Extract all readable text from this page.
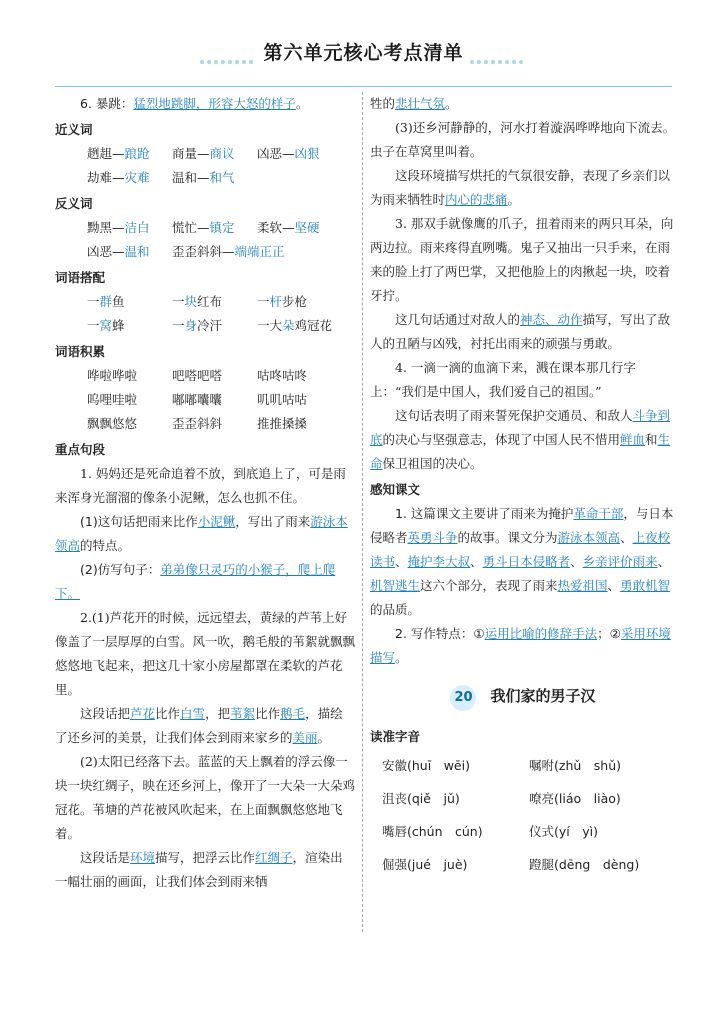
第六单元核心考点清单

6. 暴跳：猛烈地跳脚，形容大怒的样子。

近义词
趔趄—踉跄	商量—商议	凶恶—凶狠
劫难—灾难	温和—和气
反义词
黝黑—洁白	慌忙—镇定	柔软—坚硬
凶恶—温和	歪歪斜斜—端端正正
词语搭配
一群鱼	一块红布	一杆步枪
一窝蜂	一身冷汗	一大朵鸡冠花
词语积累
哗啦哗啦	吧嗒吧嗒	咕咚咕咚
呜哩哇啦	嘟嘟囔囔	叽叽咕咕
飘飘悠悠	歪歪斜斜	推推搡搡
重点句段

1. 妈妈还是死命追着不放，到底追上了，可是雨来浑身光溜溜的像条小泥鳅，怎么也抓不住。

(1)这句话把雨来比作小泥鳅，写出了雨来游泳本领高的特点。

(2)仿写句子：弟弟像只灵巧的小猴子，爬上爬下。

2.(1)芦花开的时候，远远望去，黄绿的芦苇上好像盖了一层厚厚的白雪。风一吹，鹅毛般的苇絮就飘飘悠悠地飞起来，把这几十家小房屋都罩在柔软的芦花里。

这段话把芦花比作白雪，把苇絮比作鹅毛，描绘了还乡河的美景，让我们体会到雨来家乡的美丽。

(2)太阳已经落下去。蓝蓝的天上飘着的浮云像一块一块红绸子，映在还乡河上，像开了一大朵一大朵鸡冠花。苇塘的芦花被风吹起来，在上面飘飘悠悠地飞着。

这段话是环境描写，把浮云比作红绸子，渲染出一幅壮丽的画面，让我们体会到雨来牺

牲的悲壮气氛。

(3)还乡河静静的，河水打着漩涡哗哗地向下流去。虫子在草窝里叫着。

这段环境描写烘托的气氛很安静，表现了乡亲们以为雨来牺牲时内心的悲痛。

3. 那双手就像鹰的爪子，扭着雨来的两只耳朵，向两边拉。雨来疼得直咧嘴。鬼子又抽出一只手来，在雨来的脸上打了两巴掌，又把他脸上的肉揪起一块，咬着牙拧。

这几句话通过对敌人的神态、动作描写，写出了敌人的丑陋与凶残，衬托出雨来的顽强与勇敢。

4. 一滴一滴的血滴下来，溅在课本那几行字上：“我们是中国人，我们爱自己的祖国。”

这句话表明了雨来誓死保护交通员、和敌人斗争到底的决心与坚强意志，体现了中国人民不惜用鲜血和生命保卫祖国的决心。

感知课文

1. 这篇课文主要讲了雨来为掩护革命干部，与日本侵略者英勇斗争的故事。课文分为游泳本领高、上夜校读书、掩护李大叔、勇斗日本侵略者、乡亲评价雨来、机智逃生这六个部分，表现了雨来热爱祖国、勇敢机智的品质。

2. 写作特点：①运用比喻的修辞手法；②采用环境描写。

20 我们家的男子汉
读准字音
安徽(huī　wēi)	嘱咐(zhǔ　shǔ)
沮丧(qiě　jǔ)	嘹亮(liáo　liào)
嘴唇(chún　cún)	仪式(yí　yì)
倔强(jué　juè)	蹬腿(dēng　dèng)
